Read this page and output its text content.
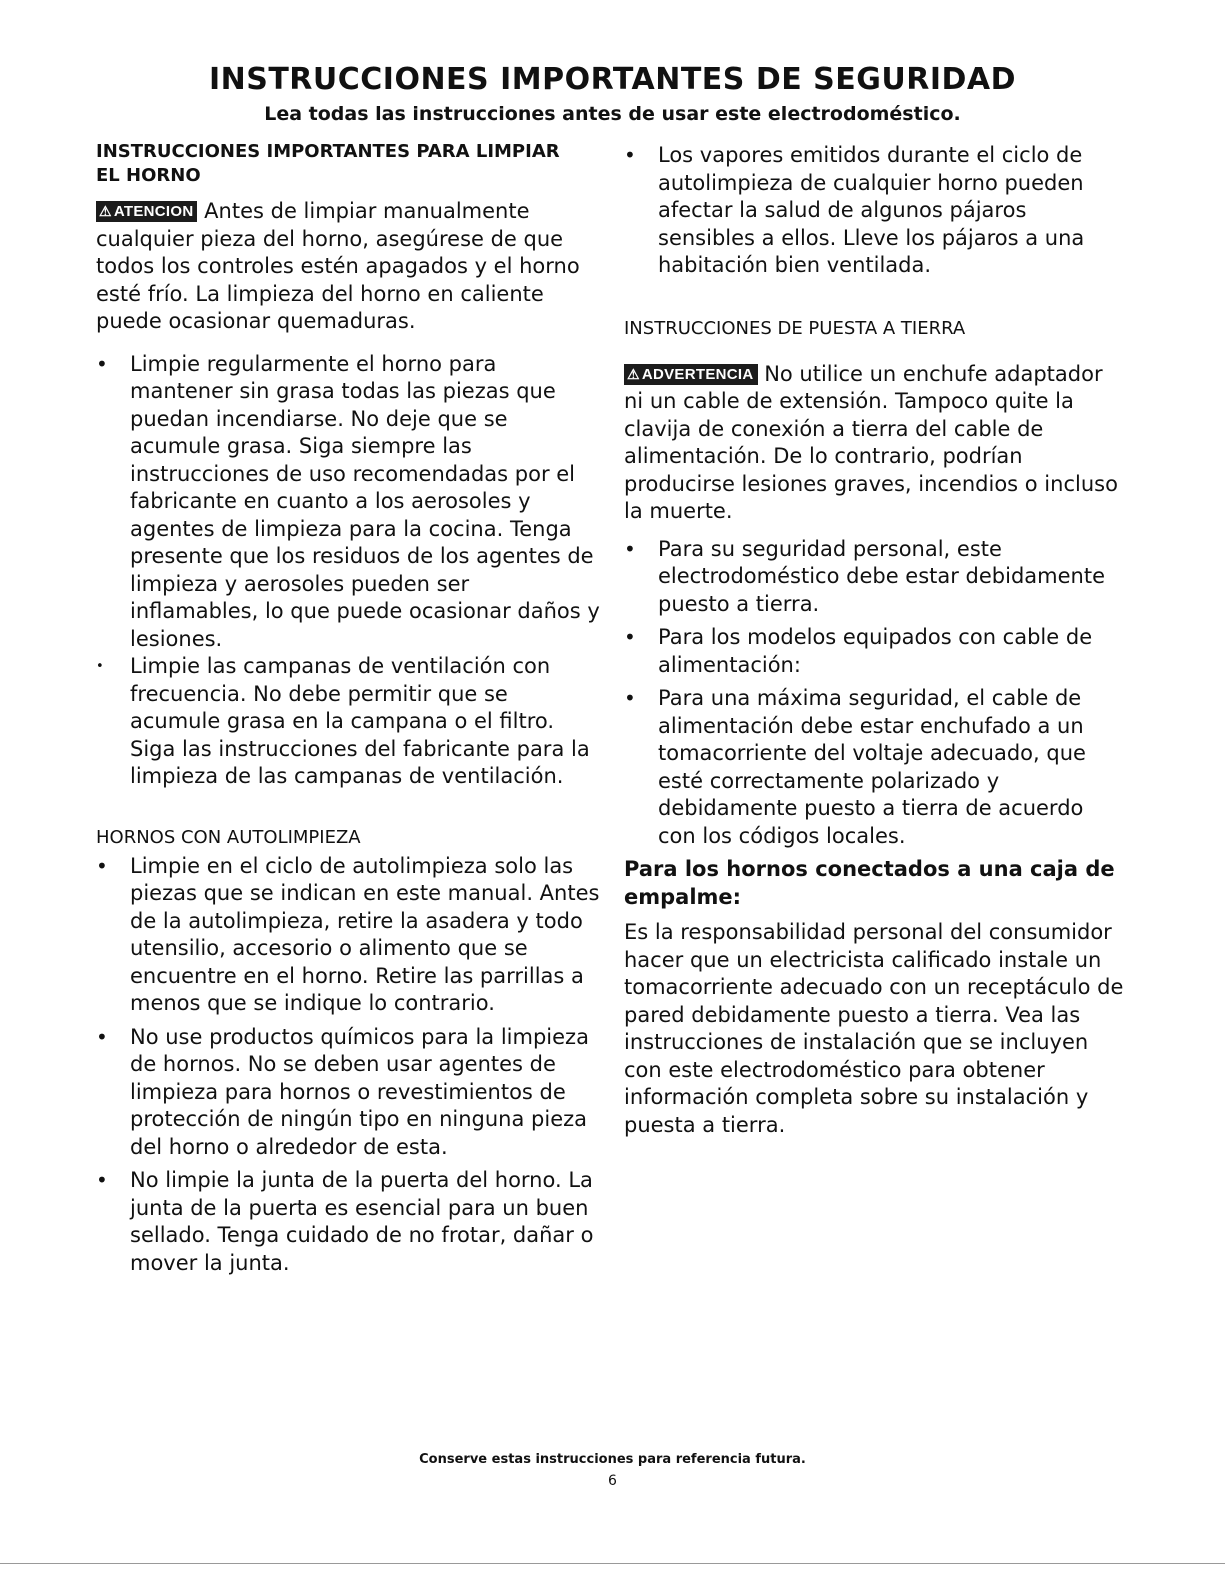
INSTRUCCIONES IMPORTANTES DE SEGURIDAD
Lea todas las instrucciones antes de usar este electrodoméstico.

INSTRUCCIONES IMPORTANTES PARA LIMPIAR EL HORNO

⚠ ATENCION Antes de limpiar manualmente cualquier pieza del horno, asegúrese de que todos los controles estén apagados y el horno esté frío. La limpieza del horno en caliente puede ocasionar quemaduras.

•	Limpie regularmente el horno para mantener sin grasa todas las piezas que puedan incendiarse. No deje que se acumule grasa. Siga siempre las instrucciones de uso recomendadas por el fabricante en cuanto a los aerosoles y agentes de limpieza para la cocina. Tenga presente que los residuos de los agentes de limpieza y aerosoles pueden ser inflamables, lo que puede ocasionar daños y lesiones.
•	Limpie las campanas de ventilación con frecuencia. No debe permitir que se acumule grasa en la campana o el filtro. Siga las instrucciones del fabricante para la limpieza de las campanas de ventilación.

HORNOS CON AUTOLIMPIEZA

•	Limpie en el ciclo de autolimpieza solo las piezas que se indican en este manual. Antes de la autolimpieza, retire la asadera y todo utensilio, accesorio o alimento que se encuentre en el horno. Retire las parrillas a menos que se indique lo contrario.
•	No use productos químicos para la limpieza de hornos. No se deben usar agentes de limpieza para hornos o revestimientos de protección de ningún tipo en ninguna pieza del horno o alrededor de esta.
•	No limpie la junta de la puerta del horno. La junta de la puerta es esencial para un buen sellado. Tenga cuidado de no frotar, dañar o mover la junta.
•	Los vapores emitidos durante el ciclo de autolimpieza de cualquier horno pueden afectar la salud de algunos pájaros sensibles a ellos. Lleve los pájaros a una habitación bien ventilada.

INSTRUCCIONES DE PUESTA A TIERRA

⚠ ADVERTENCIA No utilice un enchufe adaptador ni un cable de extensión. Tampoco quite la clavija de conexión a tierra del cable de alimentación. De lo contrario, podrían producirse lesiones graves, incendios o incluso la muerte.

•	Para su seguridad personal, este electrodoméstico debe estar debidamente puesto a tierra.
•	Para los modelos equipados con cable de alimentación:
•	Para una máxima seguridad, el cable de alimentación debe estar enchufado a un tomacorriente del voltaje adecuado, que esté correctamente polarizado y debidamente puesto a tierra de acuerdo con los códigos locales.

Para los hornos conectados a una caja de empalme:

Es la responsabilidad personal del consumidor hacer que un electricista calificado instale un tomacorriente adecuado con un receptáculo de pared debidamente puesto a tierra. Vea las instrucciones de instalación que se incluyen con este electrodoméstico para obtener información completa sobre su instalación y puesta a tierra.

Conserve estas instrucciones para referencia futura.
6
